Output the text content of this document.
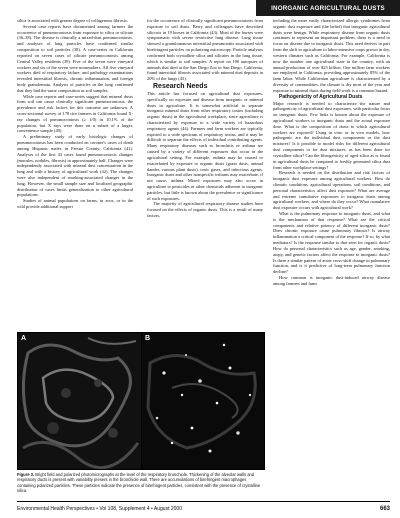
INORGANIC AGRICULTURAL DUSTS

silica is associated with greater degree of collagenous fibrosis.

Several case reports have documented among farmers the occurrence of pneumoconiosis from exposure to silica or silicate (36–38). The disease is clinically a mixed-dust pneumoconiosis, and analyses of lung particles have confirmed similar composition to soil particles (38). A case-series in California reported on seven cases of silicate pneumoconiosis among Central Valley residents (39). Five of the seven were vineyard workers and six of the seven were nonsmokers. All five vineyard workers died of respiratory failure, and pathology examinations revealed interstitial fibrosis, chronic inflammation, and foreign body granulomata. Analysis of particles in the lung confirmed that they had the same composition as soil samples.

While case reports and case-series suggest that mineral dusts from soil can cause clinically significant pneumoconiosis, the prevalence and risk factors for this outcome are unknown. A cross-sectional survey of 178 rice farmers in California found X-ray changes of pneumoconiosis (≥ 1/0) in 10.1% of the population, but X rays were done on a subset of a larger, convenience sample (49).

A preliminary study of early histologic changes of pneumoconiosis has been conducted on coroner's cases of death among Hispanic males in Fresno County, California (41). Analyses of the first 43 cases found pneumoconiosis changes (macules, nodules, fibrosis) in approximately half. Changes were independently associated with mineral dust concentration in the lung and with a history of agricultural work (42). The changes were also independent of smoking-associated changes in the lung. However, the small sample size and localized geographic distribution of cases limits generalization to other agricultural populations.

Studies of animal populations on farms, in zoos, or in the wild provide additional support

for the occurrence of clinically significant pneumoconiosis from exposure to soil dusts. Berry and colleagues have described silicosis in 19 horses in California (43). Most of the horses were symptomatic with severe restrictive lung disease. Lung tissue showed a granulomatous interstitial pneumonitis associated with birefringent particles on polarizing microscopy. Particle analyses confirmed both crystalline silica and silicates in the lung tissue, which is similar to soil samples. A report on 100 autopsies of animals that died at the San Diego Zoo in San Diego, California, found interstitial fibrosis associated with mineral dust deposits in 20% of the lungs (45).

Research Needs

This article has focused on agricultural dust exposures, specifically on exposure and disease from inorganic or mineral dusts in agriculture. It is somewhat artificial to separate inorganic mineral dusts from other respiratory toxins (including organic dusts) in the agricultural workplace, since agriculture is characterized by exposure to a wide variety of hazardous respiratory agents (44). Farmers and farm workers are typically exposed to a wide spectrum of respiratory toxins, and it may be difficult to separate the effects of individual contributing agents. Many respiratory diseases such as bronchitis or asthma are caused by a variety of different exposures that occur in the agricultural setting. For example, asthma may be caused or exacerbated by exposure to organic dusts (grain dusts, animal dander, various plant dusts), toxic gases, and infectious agents. Inorganic dusts and other nonspecific irritants may exacerbate, if not cause, asthma. Mixed exposures may also occur in agriculture to pesticides or other chemicals adherent to inorganic particles, but little is known about the prevalence or significance of such exposures.

The majority of agricultural respiratory disease studies have focused on the effects of organic dusts. This is a result of many factors,

including the more easily characterized allergic syndromes from organic dust exposure and (the belief) that inorganic agricultural dusts were benign. While respiratory disease from organic dusts continues to represent an important problem, there is a need to focus on disease due to inorganic dusts. This need derives in part from the shift in agriculture to labor-intensive crops grown in dry, western climates such as California. For example, California is now the number one agricultural state in the country, with an annual production of over $25 billion. One million farm workers are employed in California, providing approximately 85% of the farm labor. While Californian agriculture is characterized by a diversity of commodities, the climate is dry most of the year and exposure to mineral dusts during field work is a common hazard.

Pathogenicity of Agricultural Dusts

Major research is needed to characterize the nature and pathogenicity of agricultural dust exposures, with particular focus on inorganic dusts. Few links is known about the exposure of agricultural workers to inorganic dusts and the actual exposure dose. What is the composition of dusts to which agricultural workers are exposed? Using in vitro or in vivo models, how pathogenic are the individual dust components or the dust mixtures? Is it possible to model risks for different agricultural dust components or for dust mixtures, as has been done for crystalline silica? Can the fibrogenicity of aged silica as is found in agricultural dusts be compared to freshly generated silica dust from other workplace settings?

Research is needed on the distribution and risk factors of inorganic dust exposure among agricultural workers. How do climatic conditions, agricultural operations, soil conditions, and personal characteristics affect dust exposure? What are average and extreme cumulative exposures to inorganic dusts among agricultural workers, and where do they occur? What cumulative dust exposure occurs with agricultural work?

What is the pulmonary response to inorganic dusts, and what is the mechanism of that response? What are the critical components and relative potency of different inorganic dusts? Does chronic exposure cause pulmonary fibrosis? Is airway inflammation a critical component of the response? If so, by what mediators? Is the response similar to that seen for organic dusts? How do personal characteristics such as age, gender, smoking, atopy, and genetic factors affect the response to inorganic dusts? Is there a similar pattern of acute cross-shift change in pulmonary function, and is it predictive of long-term pulmonary function decline?

How common is inorganic dust-induced airway disease among farmers and farm

A	B
Figure 3. Bright field and polarized photomicrographs at the level of the respiratory bronchiole. Thickening of the alveolar walls and respiratory ducts is present with variability present in the bronchiole wall. There are accumulations of birefringent macrophages containing polarized particles. These particles indicate the presence of birefringent particles, consistent with the presence of crystalline silica.
Environmental Health Perspectives • Vol 108, Supplement 4 • August 2000	663
